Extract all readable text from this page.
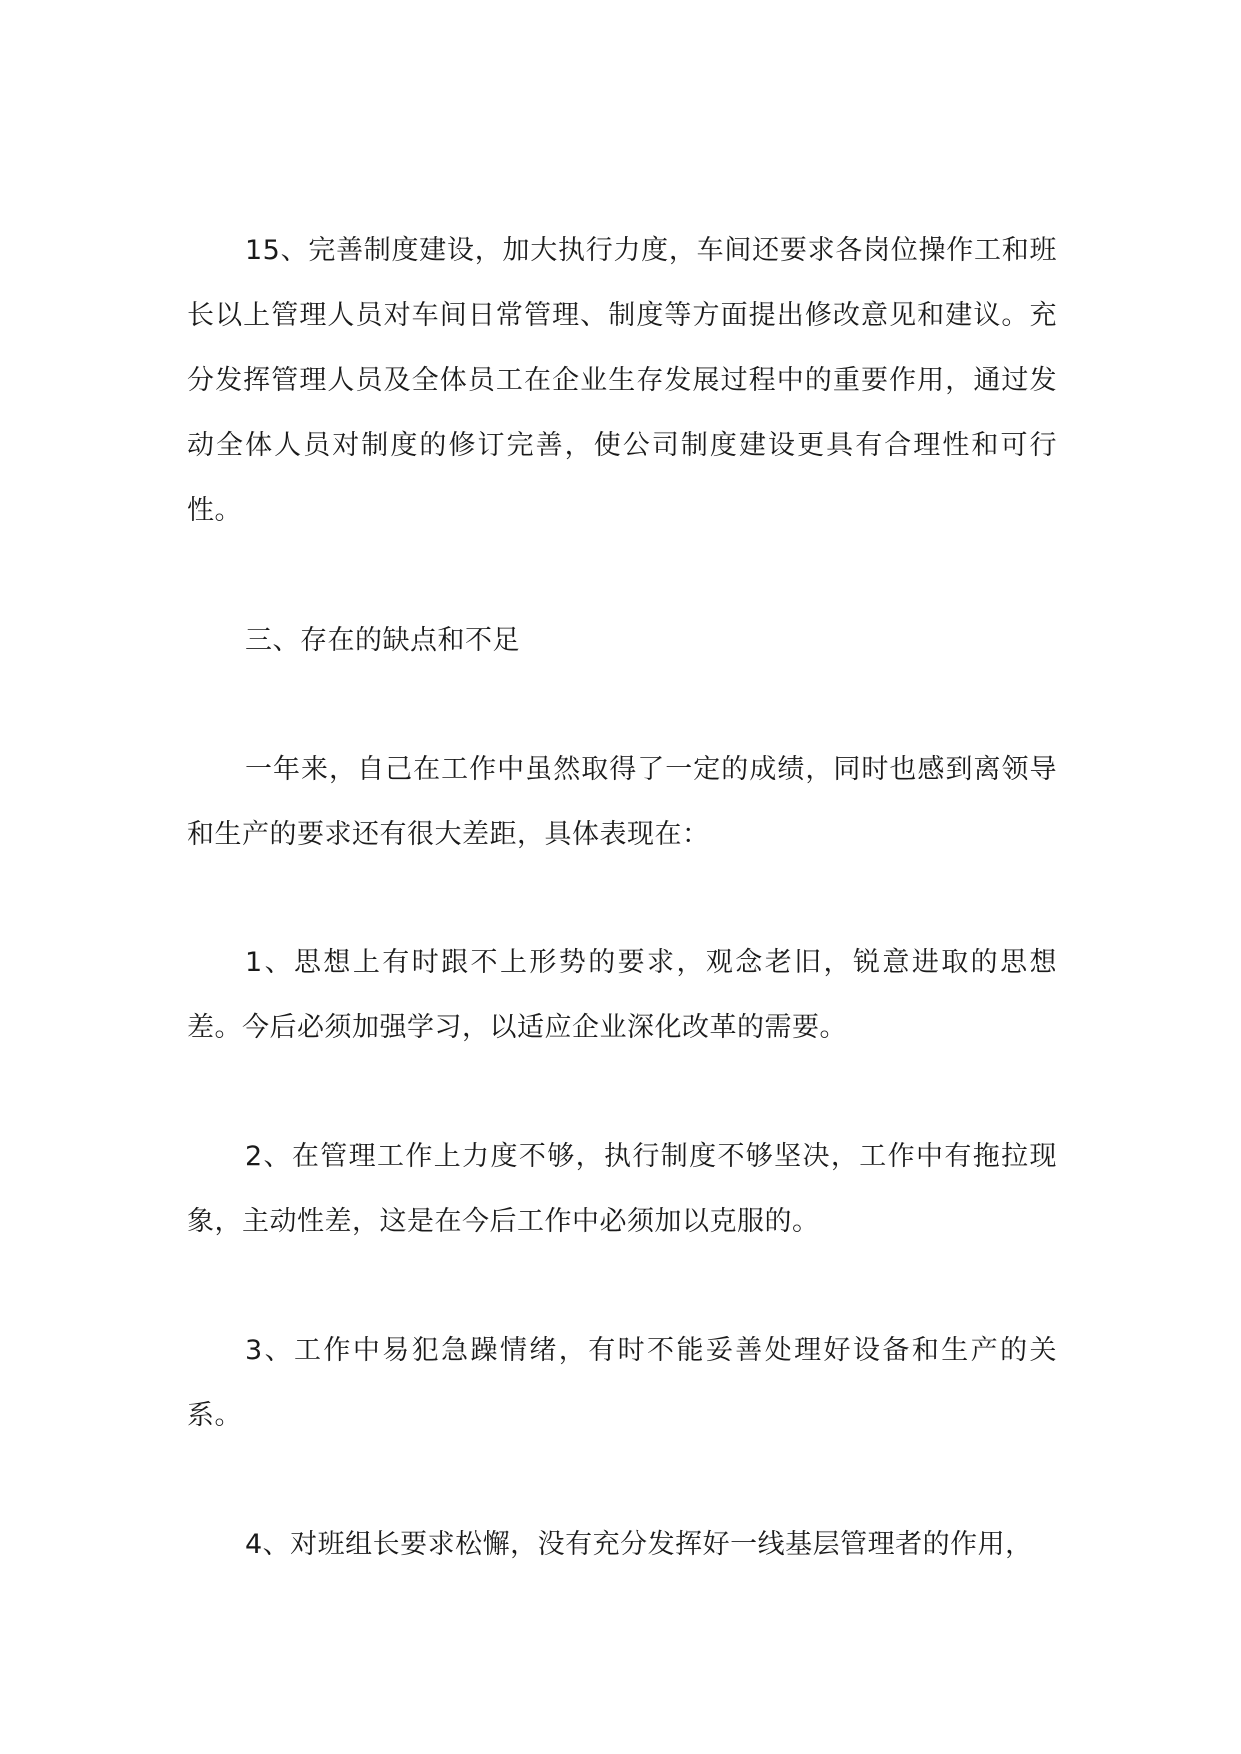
15、完善制度建设，加大执行力度，车间还要求各岗位操作工和班长以上管理人员对车间日常管理、制度等方面提出修改意见和建议。充分发挥管理人员及全体员工在企业生存发展过程中的重要作用，通过发动全体人员对制度的修订完善，使公司制度建设更具有合理性和可行性。

三、存在的缺点和不足

一年来，自己在工作中虽然取得了一定的成绩，同时也感到离领导和生产的要求还有很大差距，具体表现在：

1、思想上有时跟不上形势的要求，观念老旧，锐意进取的思想差。今后必须加强学习，以适应企业深化改革的需要。

2、在管理工作上力度不够，执行制度不够坚决，工作中有拖拉现象，主动性差，这是在今后工作中必须加以克服的。

3、工作中易犯急躁情绪，有时不能妥善处理好设备和生产的关系。

4、对班组长要求松懈，没有充分发挥好一线基层管理者的作用，
